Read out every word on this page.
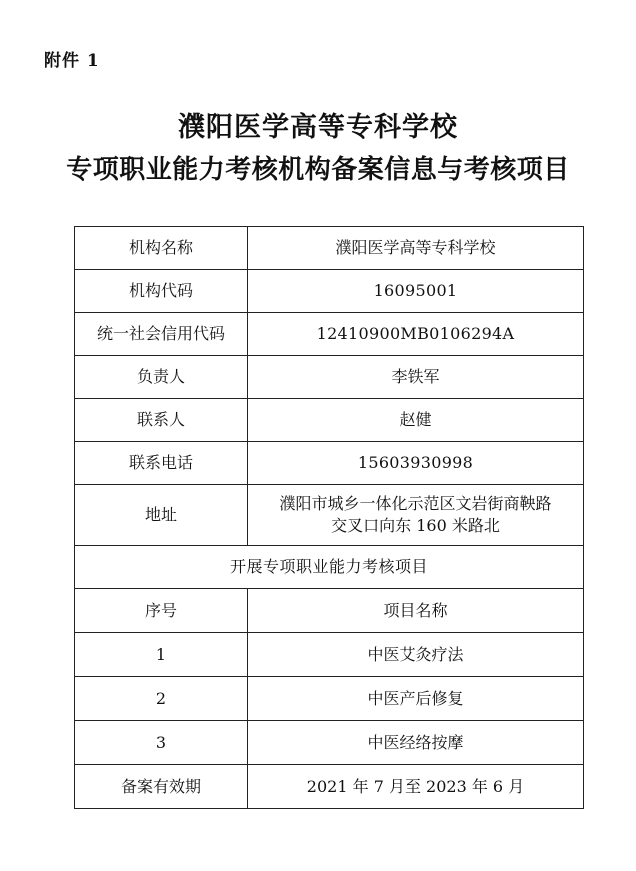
附件 1
濮阳医学高等专科学校
专项职业能力考核机构备案信息与考核项目
机构名称	濮阳医学高等专科学校
机构代码	16095001
统一社会信用代码	12410900MB0106294A
负责人	李铁军
联系人	赵健
联系电话	15603930998
地址	濮阳市城乡一体化示范区文岩街商鞅路
交叉口向东 160 米路北

开展专项职业能力考核项目	
序号	项目名称
1	中医艾灸疗法
2	中医产后修复
3	中医经络按摩
备案有效期	2021 年 7 月至 2023 年 6 月
